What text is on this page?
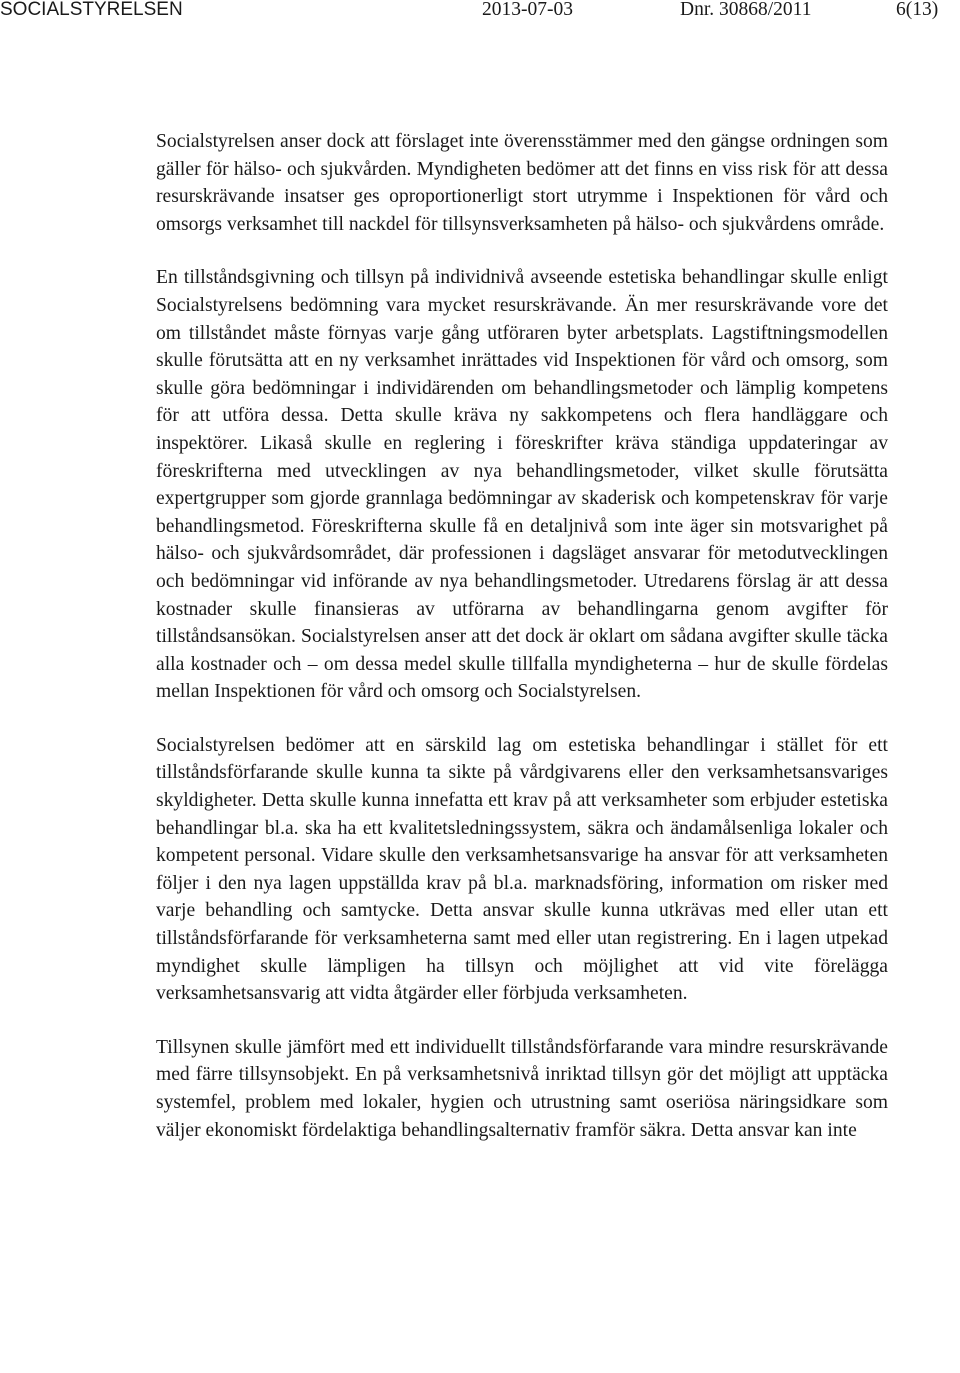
SOCIALSTYRELSEN	2013-07-03	Dnr. 30868/2011	6(13)

Socialstyrelsen anser dock att förslaget inte överensstämmer med den gängse ordningen som gäller för hälso- och sjukvården. Myndigheten bedömer att det finns en viss risk för att dessa resurskrävande insatser ges oproportionerligt stort utrymme i Inspektionen för vård och omsorgs verksamhet till nackdel för tillsynsverksamheten på hälso- och sjukvårdens område.

En tillståndsgivning och tillsyn på individnivå avseende estetiska behandlingar skulle enligt Socialstyrelsens bedömning vara mycket resurskrävande. Än mer resurskrävande vore det om tillståndet måste förnyas varje gång utföraren byter arbetsplats. Lagstiftningsmodellen skulle förutsätta att en ny verksamhet inrättades vid Inspektionen för vård och omsorg, som skulle göra bedömningar i individärenden om behandlingsmetoder och lämplig kompetens för att utföra dessa. Detta skulle kräva ny sakkompetens och flera handläggare och inspektörer. Likaså skulle en reglering i föreskrifter kräva ständiga uppdateringar av föreskrifterna med utvecklingen av nya behandlingsmetoder, vilket skulle förutsätta expertgrupper som gjorde grannlaga bedömningar av skaderisk och kompetenskrav för varje behandlingsmetod. Föreskrifterna skulle få en detaljnivå som inte äger sin motsvarighet på hälso- och sjukvårdsområdet, där professionen i dagsläget ansvarar för metodutvecklingen och bedömningar vid införande av nya behandlingsmetoder. Utredarens förslag är att dessa kostnader skulle finansieras av utförarna av behandlingarna genom avgifter för tillståndsansökan. Socialstyrelsen anser att det dock är oklart om sådana avgifter skulle täcka alla kostnader och – om dessa medel skulle tillfalla myndigheterna – hur de skulle fördelas mellan Inspektionen för vård och omsorg och Socialstyrelsen.

Socialstyrelsen bedömer att en särskild lag om estetiska behandlingar i stället för ett tillståndsförfarande skulle kunna ta sikte på vårdgivarens eller den verksamhetsansvariges skyldigheter. Detta skulle kunna innefatta ett krav på att verksamheter som erbjuder estetiska behandlingar bl.a. ska ha ett kvalitetsledningssystem, säkra och ändamålsenliga lokaler och kompetent personal. Vidare skulle den verksamhetsansvarige ha ansvar för att verksamheten följer i den nya lagen uppställda krav på bl.a. marknadsföring, information om risker med varje behandling och samtycke. Detta ansvar skulle kunna utkrävas med eller utan ett tillståndsförfarande för verksamheterna samt med eller utan registrering. En i lagen utpekad myndighet skulle lämpligen ha tillsyn och möjlighet att vid vite förelägga verksamhetsansvarig att vidta åtgärder eller förbjuda verksamheten.

Tillsynen skulle jämfört med ett individuellt tillståndsförfarande vara mindre resurskrävande med färre tillsynsobjekt. En på verksamhetsnivå inriktad tillsyn gör det möjligt att upptäcka systemfel, problem med lokaler, hygien och utrustning samt oseriösa näringsidkare som väljer ekonomiskt fördelaktiga behandlingsalternativ framför säkra. Detta ansvar kan inte
